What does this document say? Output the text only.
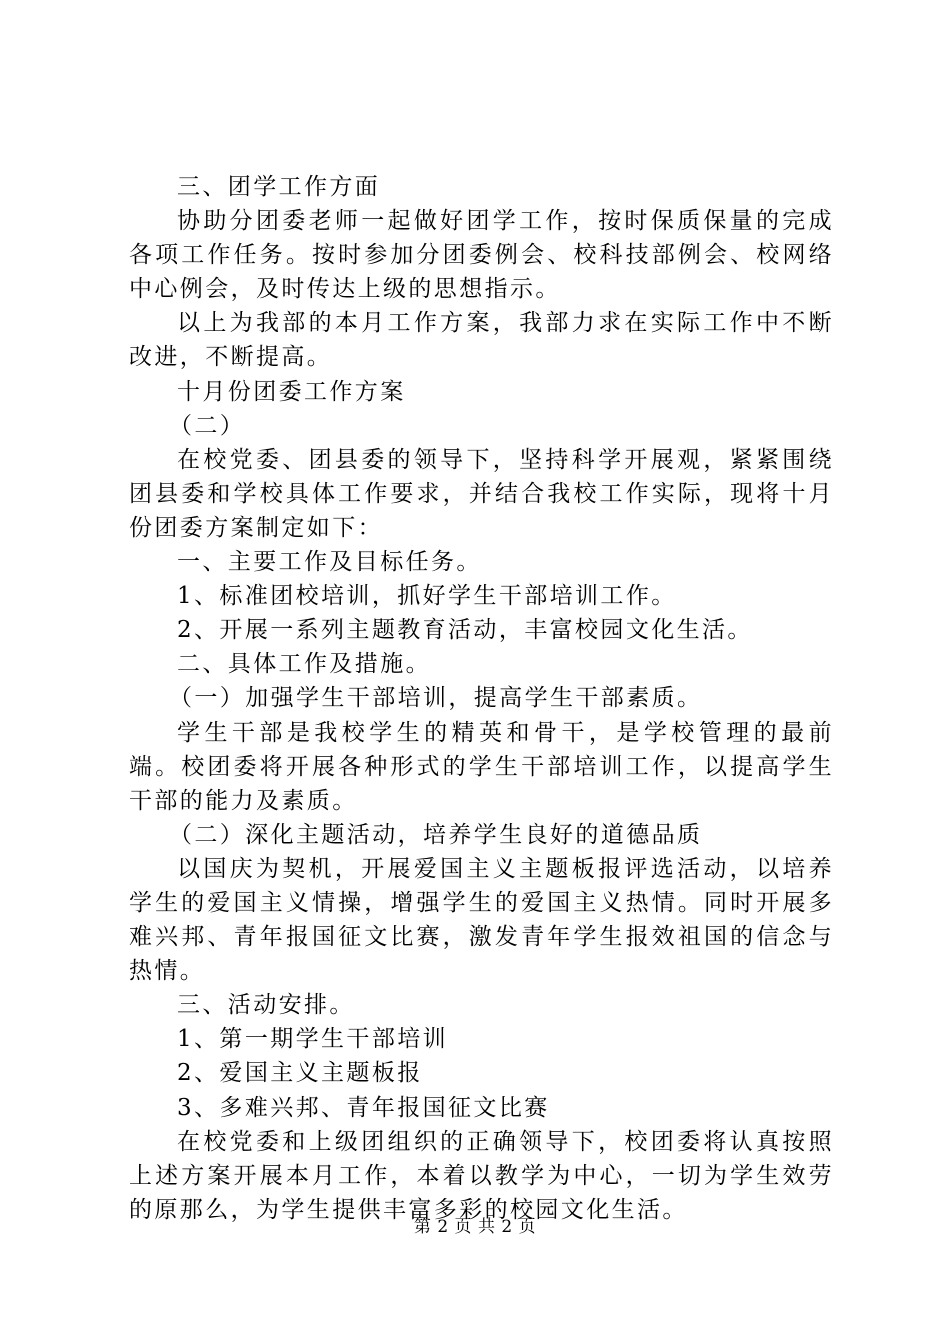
三、团学工作方面

协助分团委老师一起做好团学工作，按时保质保量的完成各项工作任务。按时参加分团委例会、校科技部例会、校网络中心例会，及时传达上级的思想指示。

以上为我部的本月工作方案，我部力求在实际工作中不断改进，不断提高。

十月份团委工作方案

（二）

在校党委、团县委的领导下，坚持科学开展观，紧紧围绕团县委和学校具体工作要求，并结合我校工作实际，现将十月份团委方案制定如下：

一、主要工作及目标任务。

1、标准团校培训，抓好学生干部培训工作。

2、开展一系列主题教育活动，丰富校园文化生活。

二、具体工作及措施。

（一）加强学生干部培训，提高学生干部素质。

学生干部是我校学生的精英和骨干，是学校管理的最前端。校团委将开展各种形式的学生干部培训工作，以提高学生干部的能力及素质。

（二）深化主题活动，培养学生良好的道德品质

以国庆为契机，开展爱国主义主题板报评选活动，以培养学生的爱国主义情操，增强学生的爱国主义热情。同时开展多难兴邦、青年报国征文比赛，激发青年学生报效祖国的信念与热情。

三、活动安排。

1、第一期学生干部培训

2、爱国主义主题板报

3、多难兴邦、青年报国征文比赛

在校党委和上级团组织的正确领导下，校团委将认真按照上述方案开展本月工作，本着以教学为中心，一切为学生效劳的原那么，为学生提供丰富多彩的校园文化生活。

第 2 页 共 2 页
